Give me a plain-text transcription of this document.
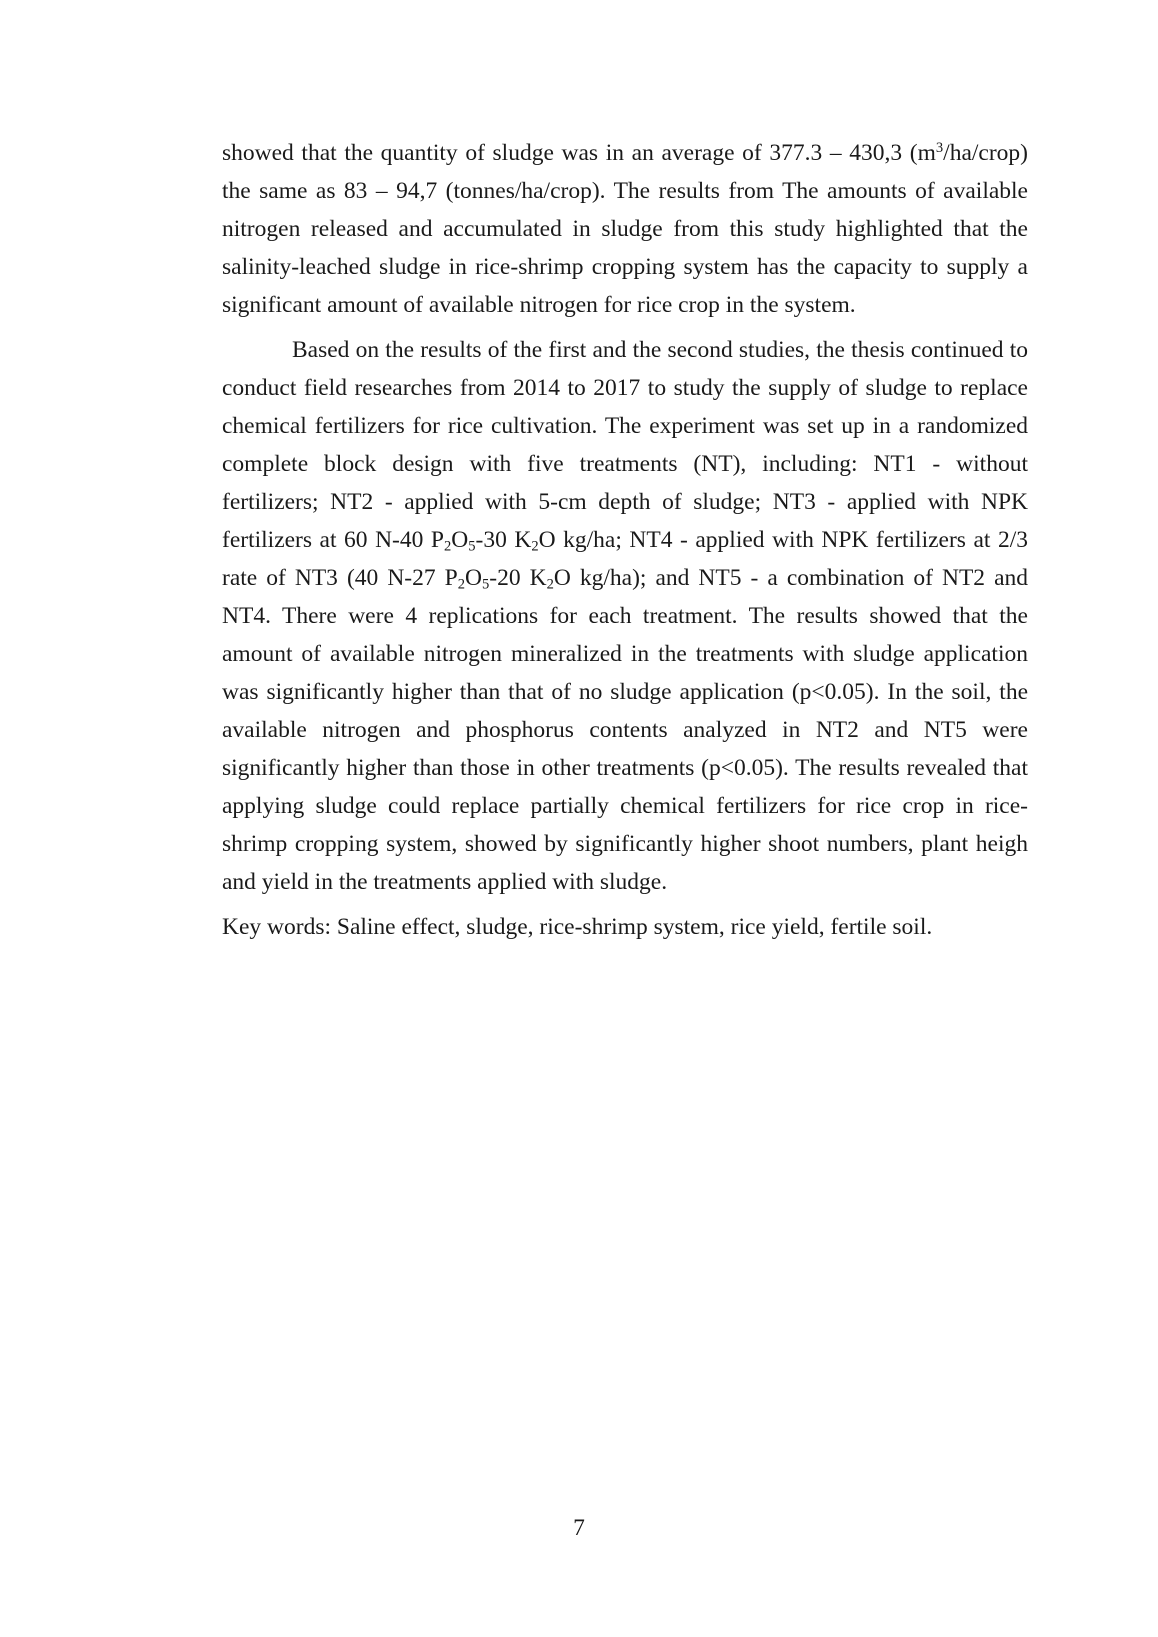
showed that the quantity of sludge was in an average of 377.3 – 430,3 $(m^3/ha/crop)$ the same as 83 – 94,7 (tonnes/ha/crop). The results from The amounts of available nitrogen released and accumulated in sludge from this study highlighted that the salinity-leached sludge in rice-shrimp cropping system has the capacity to supply a significant amount of available nitrogen for rice crop in the system.

Based on the results of the first and the second studies, the thesis continued to conduct field researches from 2014 to 2017 to study the supply of sludge to replace chemical fertilizers for rice cultivation. The experiment was set up in a randomized complete block design with five treatments (NT), including: NT1 - without fertilizers; NT2 - applied with 5-cm depth of sludge; NT3 - applied with NPK fertilizers at 60 N-40 $P_2O_5-30$ $K_2O$ kg/ha; NT4 - applied with NPK fertilizers at 2/3 rate of NT3 (40 N-27 $P_2O_5-20$ $K_2O$ kg/ha); and NT5 - a combination of NT2 and NT4. There were 4 replications for each treatment. The results showed that the amount of available nitrogen mineralized in the treatments with sludge application was significantly higher than that of no sludge application (p<0.05). In the soil, the available nitrogen and phosphorus contents analyzed in NT2 and NT5 were significantly higher than those in other treatments (p<0.05). The results revealed that applying sludge could replace partially chemical fertilizers for rice crop in rice-shrimp cropping system, showed by significantly higher shoot numbers, plant heigh and yield in the treatments applied with sludge.

Key words: Saline effect, sludge, rice-shrimp system, rice yield, fertile soil.

7
